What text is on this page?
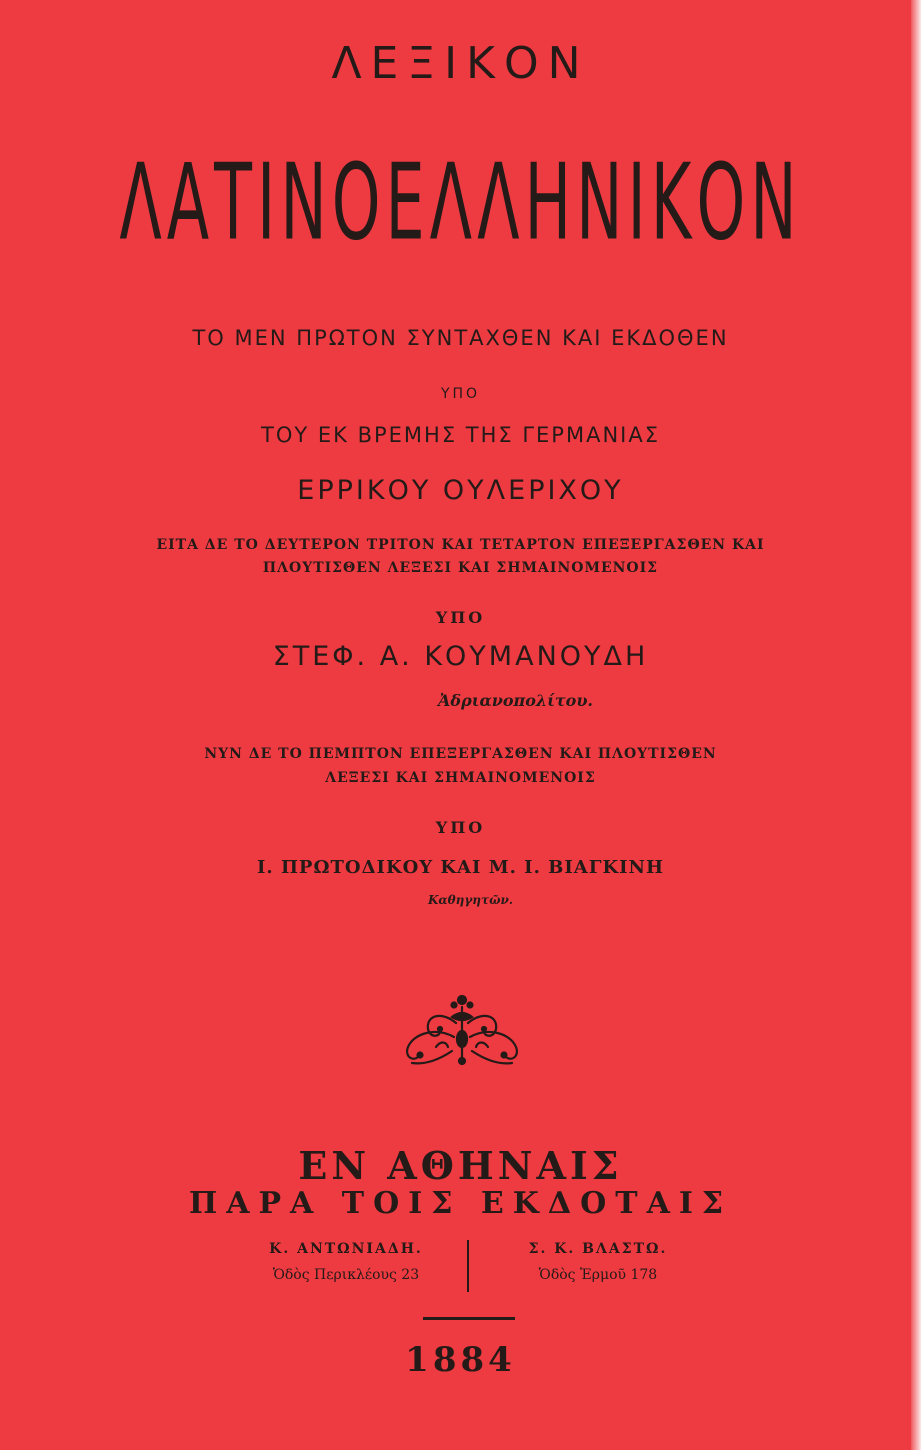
ΛΕΞΙΚΟΝ

ΛΑΤΙΝΟΕΛΛΗΝΙΚΟΝ

ΤΟ ΜΕΝ ΠΡΩΤΟΝ ΣΥΝΤΑΧΘΕΝ ΚΑΙ ΕΚΔΟΘΕΝ

ΥΠΟ

ΤΟΥ ΕΚ ΒΡΕΜΗΣ ΤΗΣ ΓΕΡΜΑΝΙΑΣ

ΕΡΡΙΚΟΥ ΟΥΛΕΡΙΧΟΥ

ΕΙΤΑ ΔΕ ΤΟ ΔΕΥΤΕΡΟΝ ΤΡΙΤΟΝ ΚΑΙ ΤΕΤΑΡΤΟΝ ΕΠΕΞΕΡΓΑΣΘΕΝ ΚΑΙ

ΠΛΟΥΤΙΣΘΕΝ ΛΕΞΕΣΙ ΚΑΙ ΣΗΜΑΙΝΟΜΕΝΟΙΣ

ΥΠΟ

ΣΤΕΦ. Α. ΚΟΥΜΑΝΟΥΔΗ

Ἀδριανοπολίτου.

ΝΥΝ ΔΕ ΤΟ ΠΕΜΠΤΟΝ ΕΠΕΞΕΡΓΑΣΘΕΝ ΚΑΙ ΠΛΟΥΤΙΣΘΕΝ

ΛΕΞΕΣΙ ΚΑΙ ΣΗΜΑΙΝΟΜΕΝΟΙΣ

ΥΠΟ

Ι. ΠΡΩΤΟΔΙΚΟΥ ΚΑΙ Μ. Ι. ΒΙΑΓΚΙΝΗ

Καθηγητῶν.

ΕΝ ΑΘΗΝΑΙΣ

ΠΑΡΑ ΤΟΙΣ ΕΚΔΟΤΑΙΣ

Κ. ΑΝΤΩΝΙΑΔΗ.
Ὁδὸς Περικλέους 23
Σ. Κ. ΒΛΑΣΤΩ.
Ὁδὸς Ἑρμοῦ 178

1884
